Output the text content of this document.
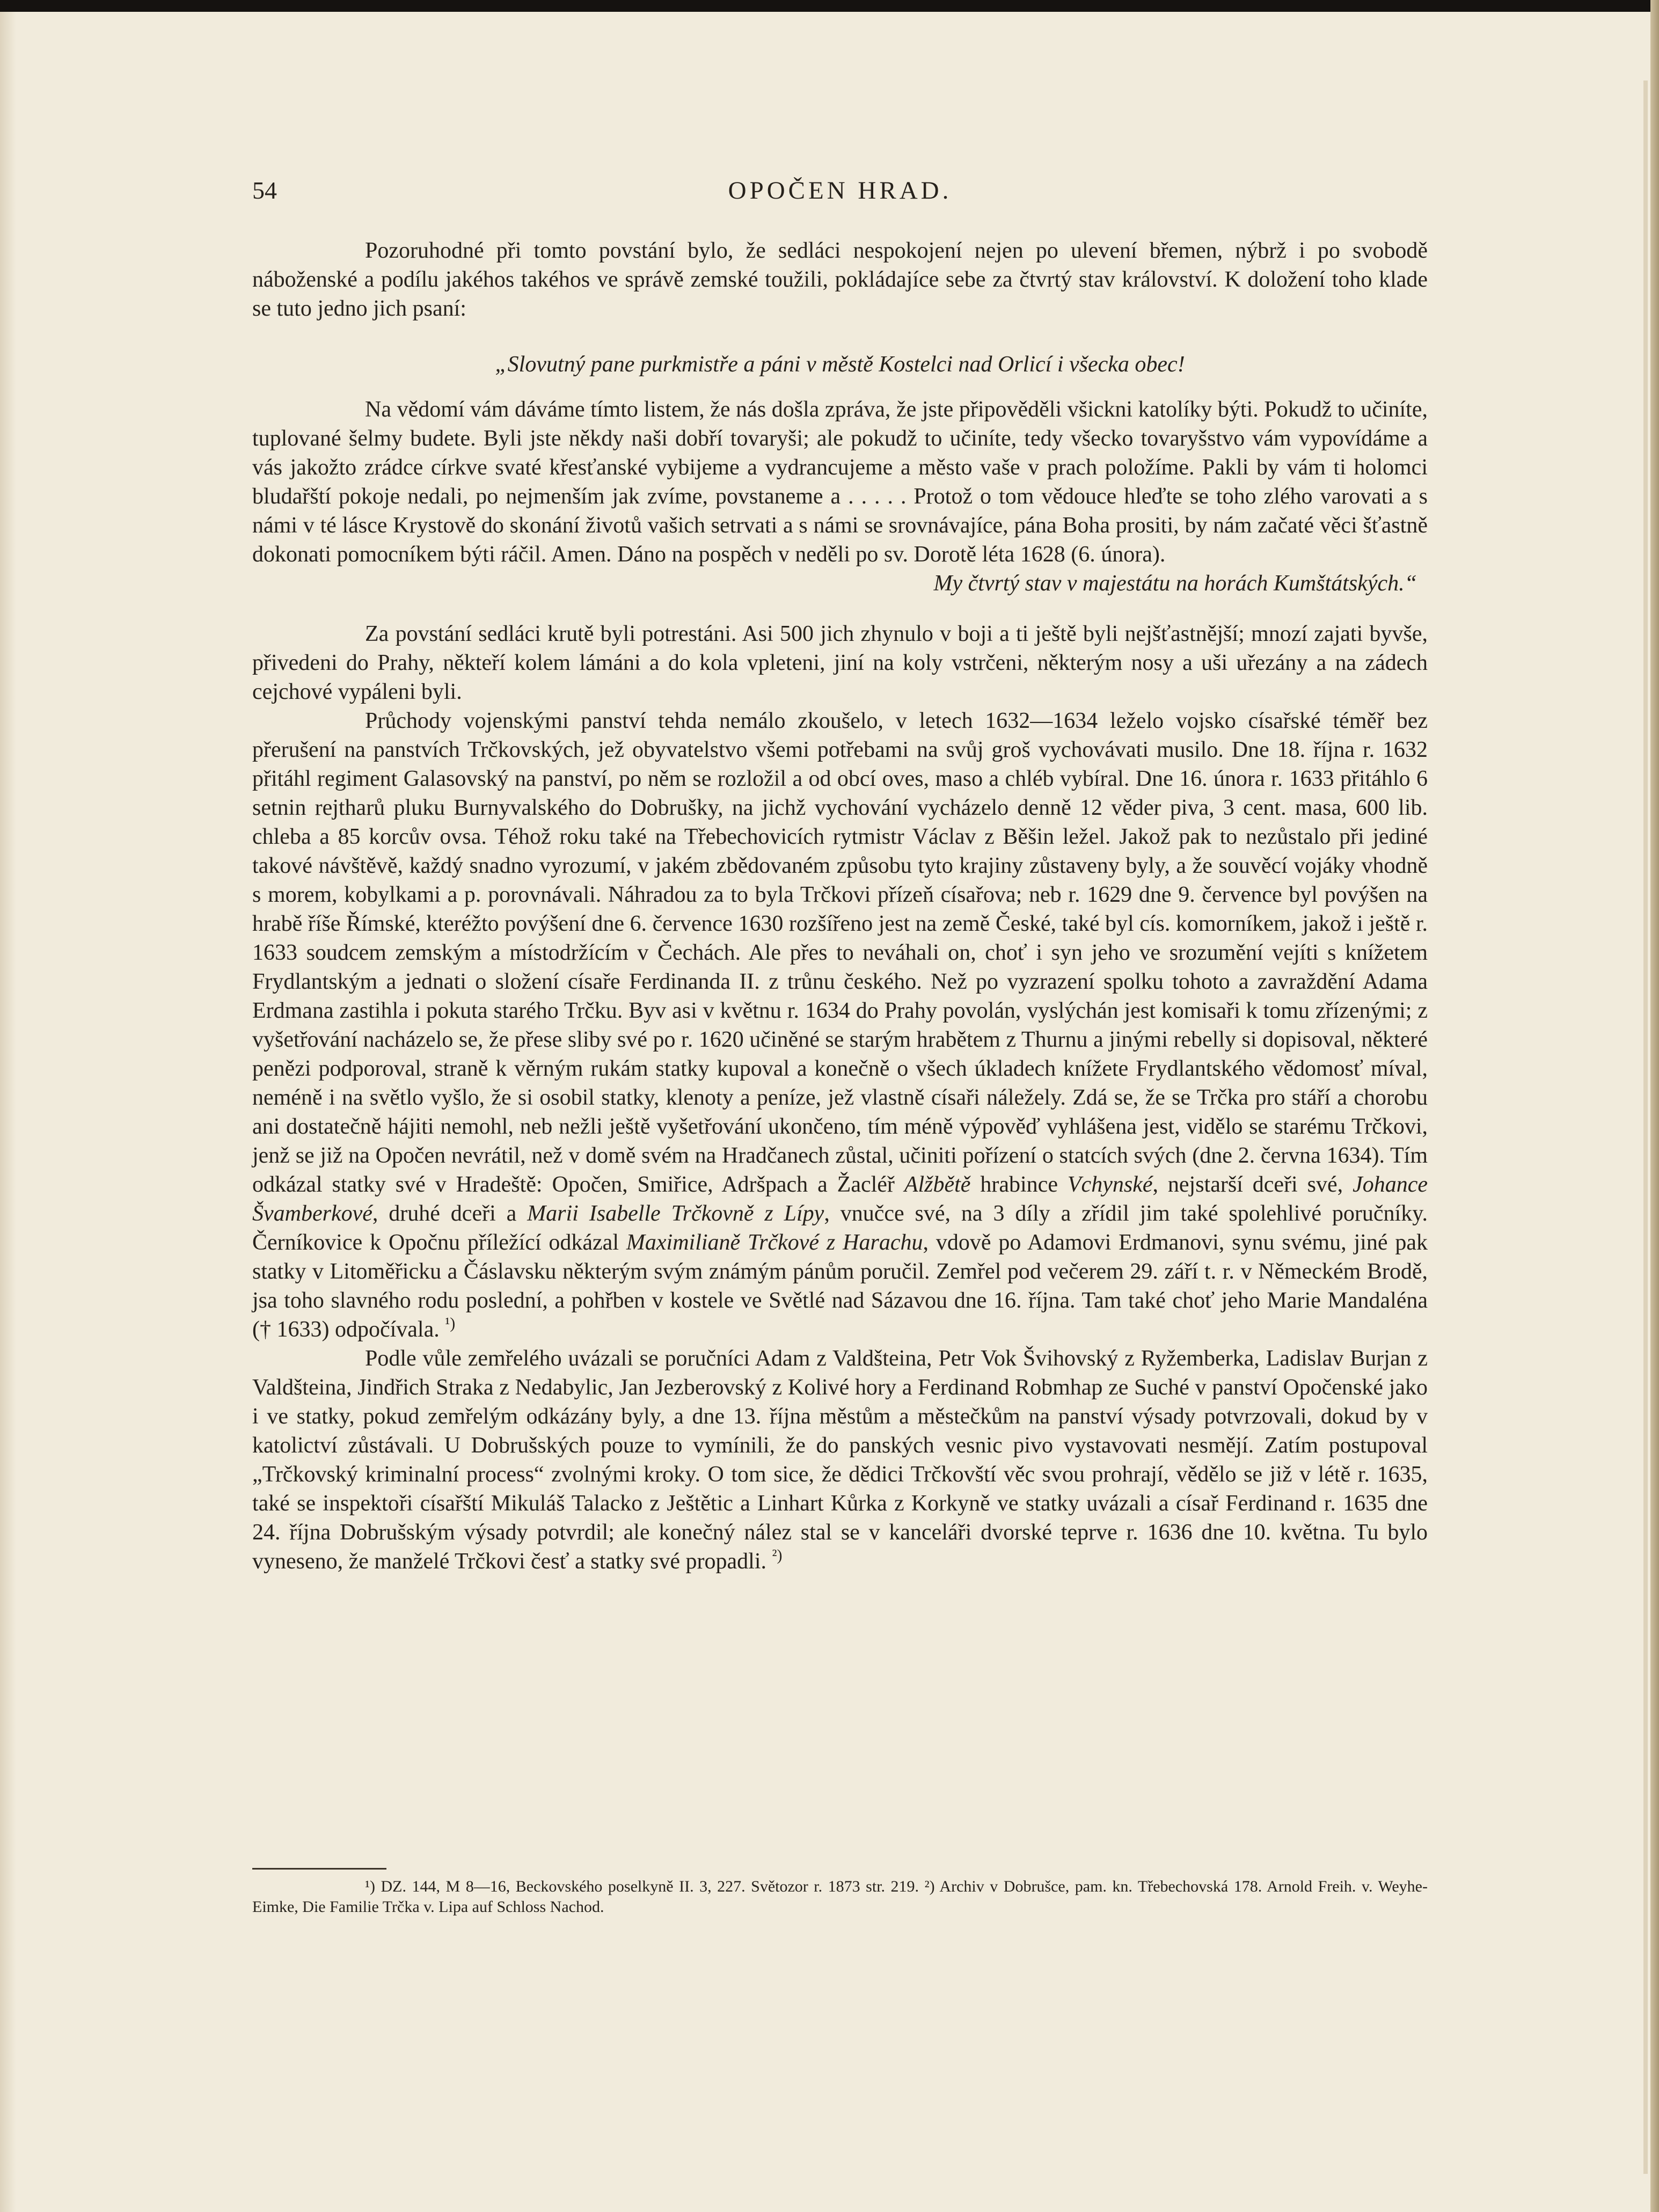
54	OPOČEN HRAD.

Pozoruhodné při tomto povstání bylo, že sedláci nespokojení nejen po ulevení břemen, nýbrž i po svobodě náboženské a podílu jakéhos takéhos ve správě zemské toužili, pokládajíce sebe za čtvrtý stav království. K doložení toho klade se tuto jedno jich psaní:

„Slovutný pane purkmistře a páni v městě Kostelci nad Orlicí i všecka obec!

Na vědomí vám dáváme tímto listem, že nás došla zpráva, že jste připověděli všickni katolíky býti. Pokudž to učiníte, tuplované šelmy budete. Byli jste někdy naši dobří tovaryši; ale pokudž to učiníte, tedy všecko tovaryšstvo vám vypovídáme a vás jakožto zrádce církve svaté křesťanské vybijeme a vydrancujeme a město vaše v prach položíme. Pakli by vám ti holomci bludařští pokoje nedali, po nejmenším jak zvíme, povstaneme a . . . . . Protož o tom vědouce hleďte se toho zlého varovati a s námi v té lásce Krystově do skonání životů vašich setrvati a s námi se srovnávajíce, pána Boha prositi, by nám začaté věci šťastně dokonati pomocníkem býti ráčil. Amen. Dáno na pospěch v neděli po sv. Dorotě léta 1628 (6. února).

My čtvrtý stav v majestátu na horách Kumštátských.“

Za povstání sedláci krutě byli potrestáni. Asi 500 jich zhynulo v boji a ti ještě byli nejšťastnější; mnozí zajati byvše, přivedeni do Prahy, někteří kolem lámáni a do kola vpleteni, jiní na koly vstrčeni, některým nosy a uši uřezány a na zádech cejchové vypáleni byli.

Průchody vojenskými panství tehda nemálo zkoušelo, v letech 1632—1634 leželo vojsko císařské téměř bez přerušení na panstvích Trčkovských, jež obyvatelstvo všemi potřebami na svůj groš vychovávati musilo. Dne 18. října r. 1632 přitáhl regiment Galasovský na panství, po něm se rozložil a od obcí oves, maso a chléb vybíral. Dne 16. února r. 1633 přitáhlo 6 setnin rejtharů pluku Burnyvalského do Dobrušky, na jichž vychování vycházelo denně 12 věder piva, 3 cent. masa, 600 lib. chleba a 85 korcův ovsa. Téhož roku také na Třebechovicích rytmistr Václav z Běšin ležel. Jakož pak to nezůstalo při jediné takové návštěvě, každý snadno vyrozumí, v jakém zbědovaném způsobu tyto krajiny zůstaveny byly, a že souvěcí vojáky vhodně s morem, kobylkami a p. porovnávali. Náhradou za to byla Trčkovi přízeň císařova; neb r. 1629 dne 9. července byl povýšen na hrabě říše Římské, kteréžto povýšení dne 6. července 1630 rozšířeno jest na země České, také byl cís. komorníkem, jakož i ještě r. 1633 soudcem zemským a místodržícím v Čechách. Ale přes to neváhali on, choť i syn jeho ve srozumění vejíti s knížetem Frydlantským a jednati o složení císaře Ferdinanda II. z trůnu českého. Než po vyzrazení spolku tohoto a zavraždění Adama Erdmana zastihla i pokuta starého Trčku. Byv asi v květnu r. 1634 do Prahy povolán, vyslýchán jest komisaři k tomu zřízenými; z vyšetřování nacházelo se, že přese sliby své po r. 1620 učiněné se starým hrabětem z Thurnu a jinými rebelly si dopisoval, některé penězi podporoval, straně k věrným rukám statky kupoval a konečně o všech úkladech knížete Frydlantského vědomosť míval, neméně i na světlo vyšlo, že si osobil statky, klenoty a peníze, jež vlastně císaři náležely. Zdá se, že se Trčka pro stáří a chorobu ani dostatečně hájiti nemohl, neb nežli ještě vyšetřování ukončeno, tím méně výpověď vyhlášena jest, vidělo se starému Trčkovi, jenž se již na Opočen nevrátil, než v domě svém na Hradčanech zůstal, učiniti pořízení o statcích svých (dne 2. června 1634). Tím odkázal statky své v Hradeště: Opočen, Smiřice, Adršpach a Žacléř Alžbětě hrabince Vchynské, nejstarší dceři své, Johance Švamberkové, druhé dceři a Marii Isabelle Trčkovně z Lípy, vnučce své, na 3 díly a zřídil jim také spolehlivé poručníky. Černíkovice k Opočnu příležící odkázal Maximilianě Trčkové z Harachu, vdově po Adamovi Erdmanovi, synu svému, jiné pak statky v Litoměřicku a Čáslavsku některým svým známým pánům poručil. Zemřel pod večerem 29. září t. r. v Německém Brodě, jsa toho slavného rodu poslední, a pohřben v kostele ve Světlé nad Sázavou dne 16. října. Tam také choť jeho Marie Mandaléna († 1633) odpočívala. $^{^1)}$

Podle vůle zemřelého uvázali se poručníci Adam z Valdšteina, Petr Vok Švihovský z Ryžemberka, Ladislav Burjan z Valdšteina, Jindřich Straka z Nedabylic, Jan Jezberovský z Kolivé hory a Ferdinand Robmhap ze Suché v panství Opočenské jako i ve statky, pokud zemřelým odkázány byly, a dne 13. října městům a městečkům na panství výsady potvrzovali, dokud by v katolictví zůstávali. U Dobrušských pouze to vymínili, že do panských vesnic pivo vystavovati nesmějí. Zatím postupoval „Trčkovský kriminalní process“ zvolnými kroky. O tom sice, že dědici Trčkovští věc svou prohrají, vědělo se již v létě r. 1635, také se inspektoři císařští Mikuláš Talacko z Ještětic a Linhart Kůrka z Korkyně ve statky uvázali a císař Ferdinand r. 1635 dne 24. října Dobrušským výsady potvrdil; ale konečný nález stal se v kanceláři dvorské teprve r. 1636 dne 10. května. Tu bylo vyneseno, že manželé Trčkovi česť a statky své propadli. $^{^2)}$

¹) DZ. 144, M 8—16, Beckovského poselkyně II. 3, 227. Světozor r. 1873 str. 219. ²) Archiv v Dobrušce, pam. kn. Třebechovská 178. Arnold Freih. v. Weyhe-Eimke, Die Familie Trčka v. Lipa auf Schloss Nachod.
